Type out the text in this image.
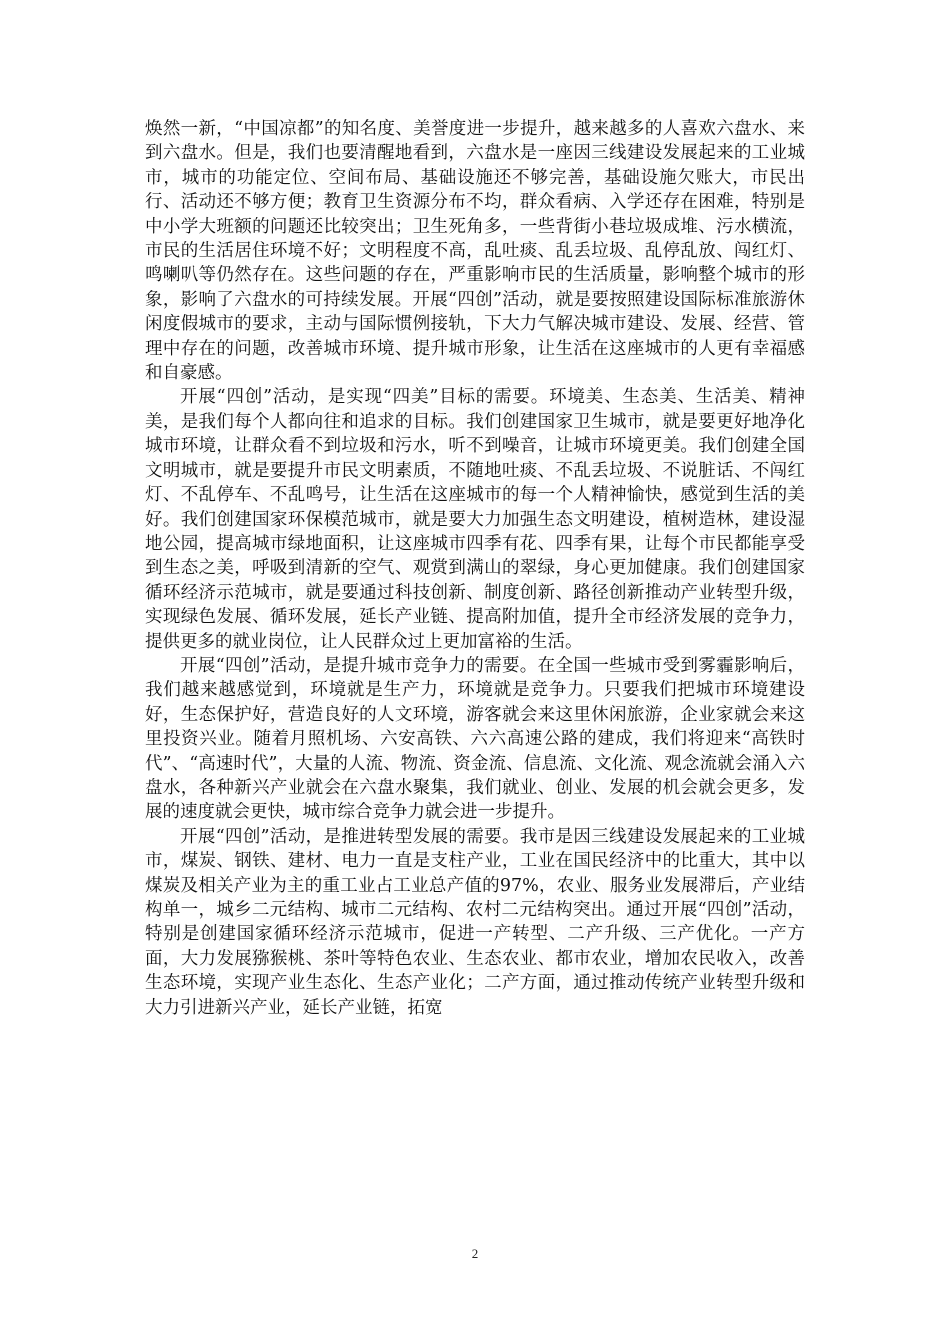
焕然一新，“中国凉都”的知名度、美誉度进一步提升，越来越多的人喜欢六盘水、来到六盘水。但是，我们也要清醒地看到，六盘水是一座因三线建设发展起来的工业城市，城市的功能定位、空间布局、基础设施还不够完善，基础设施欠账大，市民出行、活动还不够方便；教育卫生资源分布不均，群众看病、入学还存在困难，特别是中小学大班额的问题还比较突出；卫生死角多，一些背街小巷垃圾成堆、污水横流，市民的生活居住环境不好；文明程度不高，乱吐痰、乱丢垃圾、乱停乱放、闯红灯、鸣喇叭等仍然存在。这些问题的存在，严重影响市民的生活质量，影响整个城市的形象，影响了六盘水的可持续发展。开展“四创”活动，就是要按照建设国际标准旅游休闲度假城市的要求，主动与国际惯例接轨，下大力气解决城市建设、发展、经营、管理中存在的问题，改善城市环境、提升城市形象，让生活在这座城市的人更有幸福感和自豪感。

开展“四创”活动，是实现“四美”目标的需要。环境美、生态美、生活美、精神美，是我们每个人都向往和追求的目标。我们创建国家卫生城市，就是要更好地净化城市环境，让群众看不到垃圾和污水，听不到噪音，让城市环境更美。我们创建全国文明城市，就是要提升市民文明素质，不随地吐痰、不乱丢垃圾、不说脏话、不闯红灯、不乱停车、不乱鸣号，让生活在这座城市的每一个人精神愉快，感觉到生活的美好。我们创建国家环保模范城市，就是要大力加强生态文明建设，植树造林，建设湿地公园，提高城市绿地面积，让这座城市四季有花、四季有果，让每个市民都能享受到生态之美，呼吸到清新的空气、观赏到满山的翠绿，身心更加健康。我们创建国家循环经济示范城市，就是要通过科技创新、制度创新、路径创新推动产业转型升级，实现绿色发展、循环发展，延长产业链、提高附加值，提升全市经济发展的竞争力，提供更多的就业岗位，让人民群众过上更加富裕的生活。

开展“四创”活动，是提升城市竞争力的需要。在全国一些城市受到雾霾影响后，我们越来越感觉到，环境就是生产力，环境就是竞争力。只要我们把城市环境建设好，生态保护好，营造良好的人文环境，游客就会来这里休闲旅游，企业家就会来这里投资兴业。随着月照机场、六安高铁、六六高速公路的建成，我们将迎来“高铁时代”、“高速时代”，大量的人流、物流、资金流、信息流、文化流、观念流就会涌入六盘水，各种新兴产业就会在六盘水聚集，我们就业、创业、发展的机会就会更多，发展的速度就会更快，城市综合竞争力就会进一步提升。

开展“四创”活动，是推进转型发展的需要。我市是因三线建设发展起来的工业城市，煤炭、钢铁、建材、电力一直是支柱产业，工业在国民经济中的比重大，其中以煤炭及相关产业为主的重工业占工业总产值的97%，农业、服务业发展滞后，产业结构单一，城乡二元结构、城市二元结构、农村二元结构突出。通过开展“四创”活动，特别是创建国家循环经济示范城市，促进一产转型、二产升级、三产优化。一产方面，大力发展猕猴桃、茶叶等特色农业、生态农业、都市农业，增加农民收入，改善生态环境，实现产业生态化、生态产业化；二产方面，通过推动传统产业转型升级和大力引进新兴产业，延长产业链，拓宽

2
